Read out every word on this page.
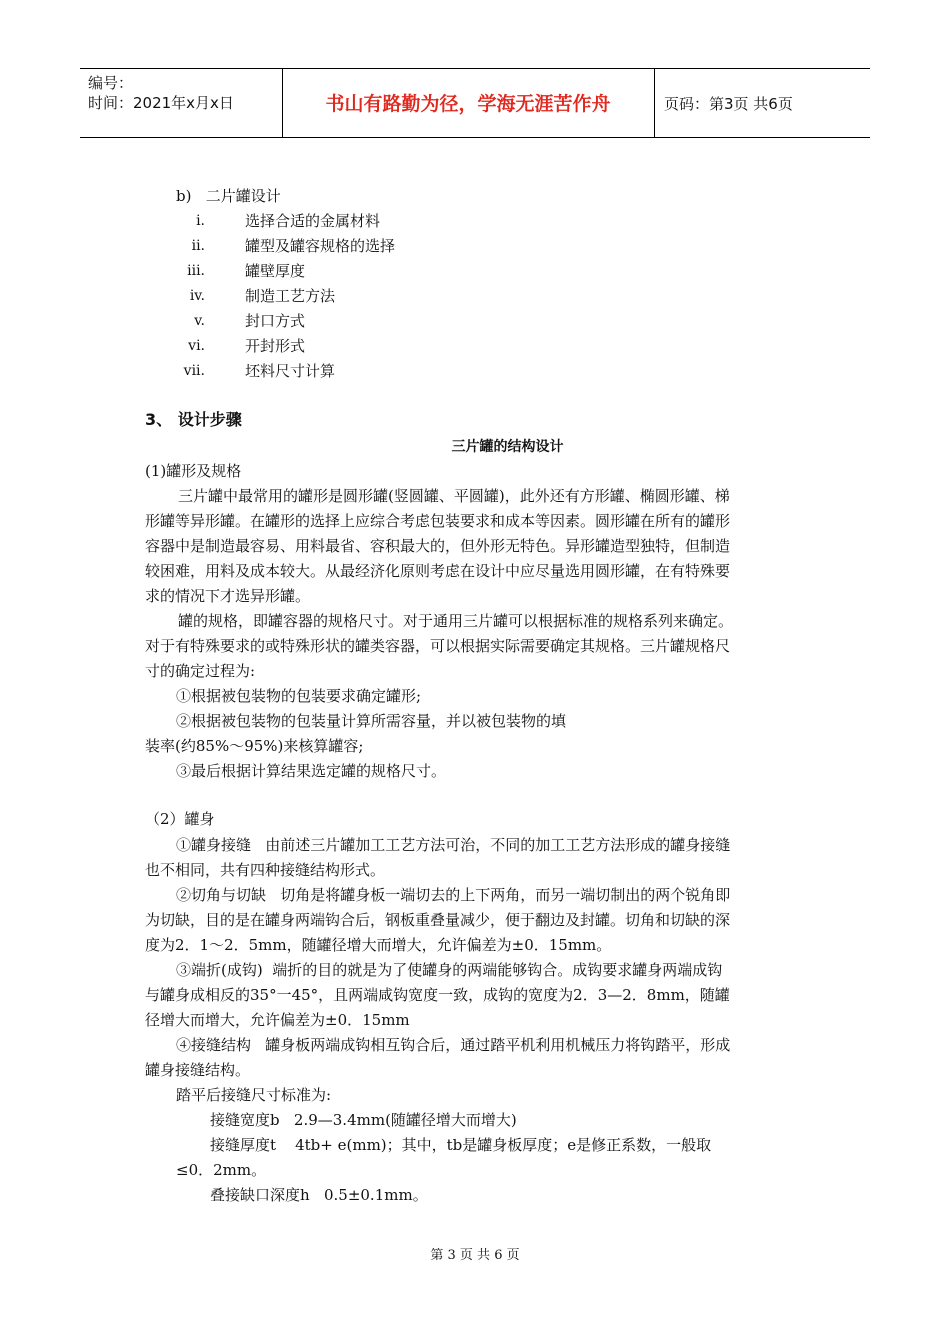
编号：
时间：2021年x月x日	书山有路勤为径，学海无涯苦作舟	页码：第3页 共6页
b)   二片罐设计
i.	选择合适的金属材料
ii.	罐型及罐容规格的选择
iii.	罐壁厚度
iv.	制造工艺方法
v.	封口方式
vi.	开封形式
vii.	坯料尺寸计算
3、 设计步骤
三片罐的结构设计
(1)罐形及规格
三片罐中最常用的罐形是圆形罐(竖圆罐、平圆罐)，此外还有方形罐、椭圆形罐、梯
形罐等异形罐。在罐形的选择上应综合考虑包装要求和成本等因素。圆形罐在所有的罐形
容器中是制造最容易、用料最省、容积最大的，但外形无特色。异形罐造型独特，但制造
较困难，用料及成本较大。从最经济化原则考虑在设计中应尽量选用圆形罐，在有特殊要
求的情况下才选异形罐。
罐的规格，即罐容器的规格尺寸。对于通用三片罐可以根据标准的规格系列来确定。
对于有特殊要求的或特殊形状的罐类容器，可以根据实际需要确定其规格。三片罐规格尺
寸的确定过程为:
①根据被包装物的包装要求确定罐形;
②根据被包装物的包装量计算所需容量，并以被包装物的填
装率(约85%～95%)来核算罐容;
③最后根据计算结果选定罐的规格尺寸。
（2）罐身
①罐身接缝   由前述三片罐加工工艺方法可治，不同的加工工艺方法形成的罐身接缝
也不相同，共有四种接缝结构形式。
②切角与切缺   切角是将罐身板一端切去的上下两角，而另一端切制出的两个锐角即
为切缺，目的是在罐身两端钩合后，钢板重叠量减少，便于翻边及封罐。切角和切缺的深
度为2．1～2．5mm，随罐径增大而增大，允许偏差为±0．15mm。
③端折(成钩)  端折的目的就是为了使罐身的两端能够钩合。成钩要求罐身两端成钩
与罐身成相反的35°一45°，且两端咸钩宽度一致，成钩的宽度为2．3—2．8mm，随罐
径增大而增大，允许偏差为±0．15mm
④接缝结构   罐身板两端成钩相互钩合后，通过踏平机利用机械压力将钩踏平，形成
罐身接缝结构。
踏平后接缝尺寸标准为:
接缝宽度b   2.9—3.4mm(随罐径增大而增大)
接缝厚度t    4tb+ e(mm)；其中，tb是罐身板厚度；e是修正系数，一般取
≤0．2mm。
叠接缺口深度h   0.5±0.1mm。
第 3 页 共 6 页
